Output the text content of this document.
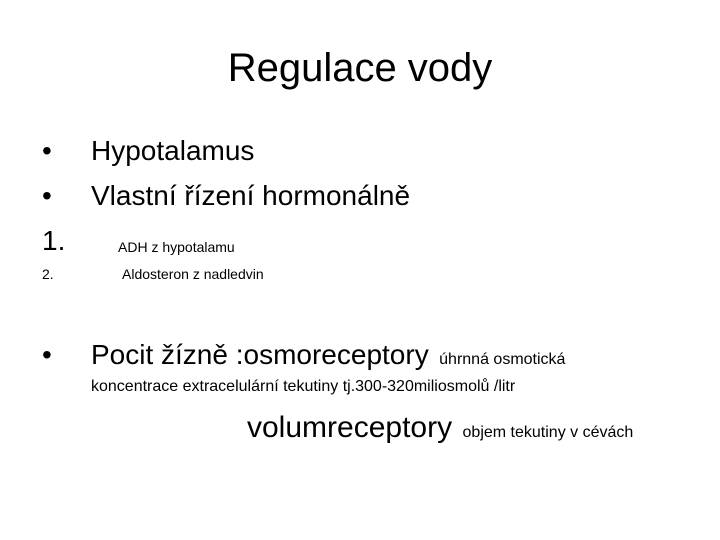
Regulace vody
• Hypotalamus
• Vlastní řízení hormonálně
1.	ADH z hypotalamu
2.	Aldosteron z nadledvin
• Pocit žízně :osmoreceptory úhrnná osmotická
koncentrace extracelulární tekutiny tj.300-320miliosmolů /litr
volumreceptory objem tekutiny v cévách
